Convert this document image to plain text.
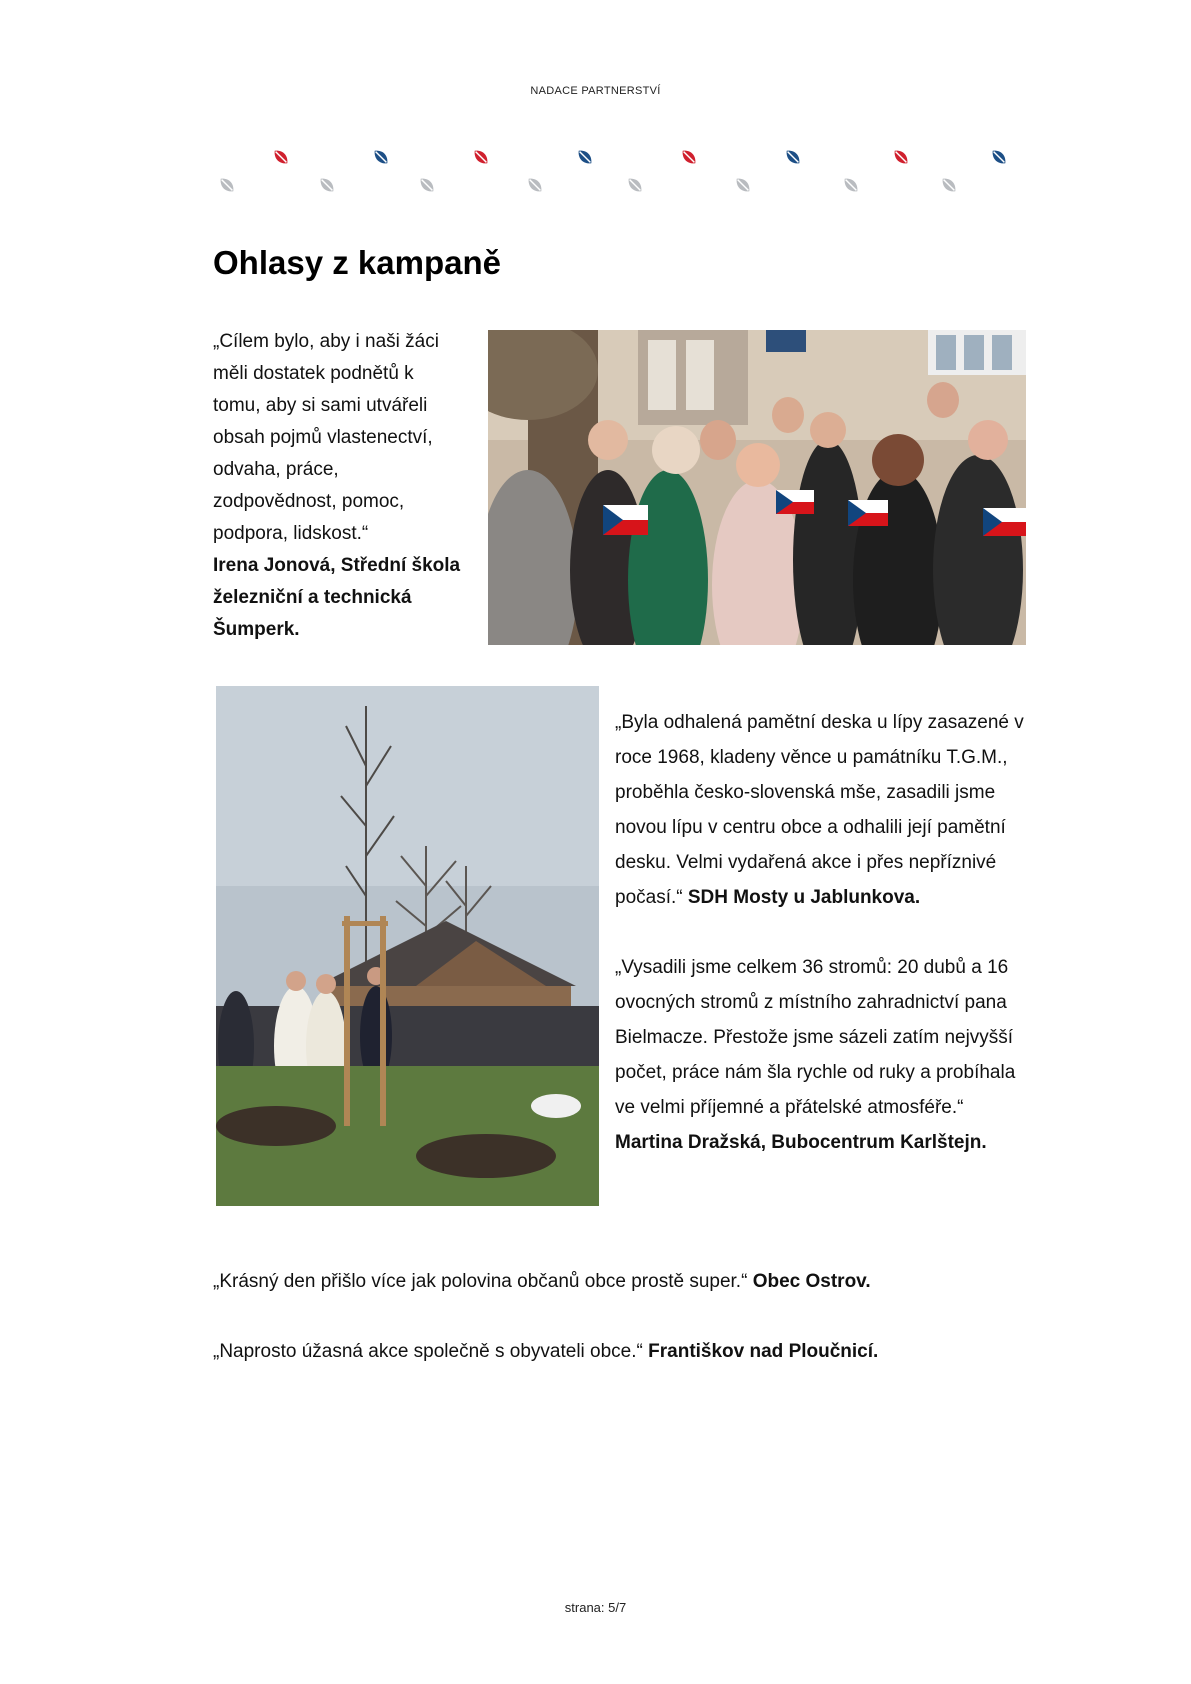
NADACE PARTNERSTVÍ
Ohlasy z kampaně

„Cílem bylo, aby i naši žáci

měli dostatek podnětů k

tomu, aby si sami utvářeli

obsah pojmů vlastenectví,

odvaha, práce,

zodpovědnost, pomoc,

podpora, lidskost.“

Irena Jonová, Střední škola

železniční a technická

Šumperk.

„Byla odhalená pamětní deska u lípy zasazené v

roce 1968, kladeny věnce u památníku T.G.M.,

proběhla česko-slovenská mše, zasadili jsme

novou lípu v centru obce a odhalili její pamětní

desku. Velmi vydařená akce i přes nepříznivé

počasí.“ SDH Mosty u Jablunkova.

„Vysadili jsme celkem 36 stromů: 20 dubů a 16

ovocných stromů z místního zahradnictví pana

Bielmacze. Přestože jsme sázeli zatím nejvyšší

počet, práce nám šla rychle od ruky a probíhala

ve velmi příjemné a přátelské atmosféře.“

Martina Dražská, Bubocentrum Karlštejn.

„Krásný den přišlo více jak polovina občanů obce prostě super.“ Obec Ostrov.

„Naprosto úžasná akce společně s obyvateli obce.“ Františkov nad Ploučnicí.

strana: 5/7
